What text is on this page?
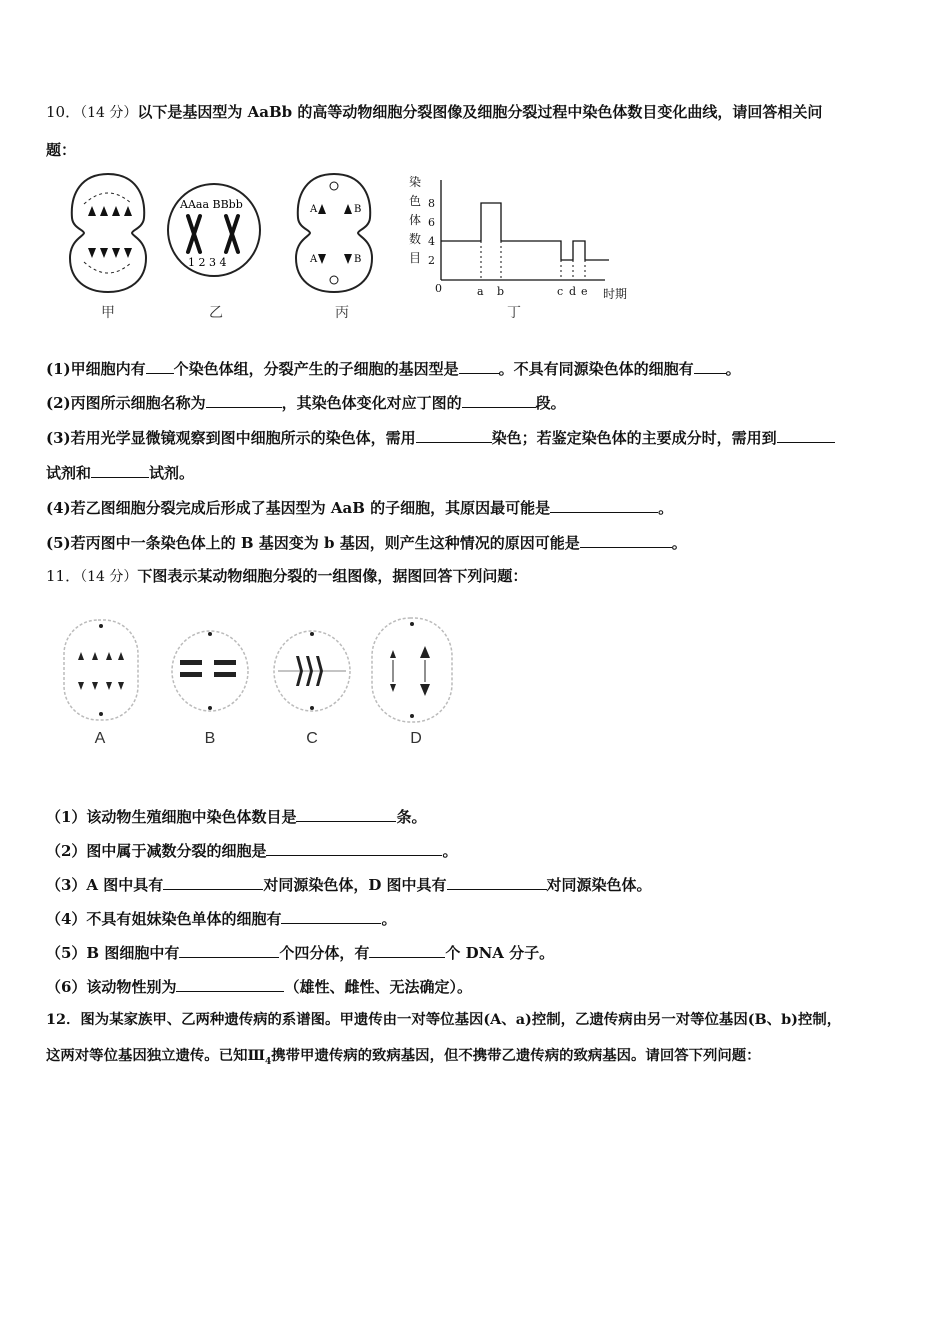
10．（14 分）以下是基因型为 AaBb 的高等动物细胞分裂图像及细胞分裂过程中染色体数目变化曲线，请回答相关问
题：
甲
AAaa BBbb
1 2 3 4
乙
A	B
A	B
丙
染
色
体
数
目
8
6
4
2
0	a b	c d e 时期
丁
(1)甲细胞内有 个染色体组，分裂产生的子细胞的基因型是	。不具有同源染色体的细胞有 。
(2)丙图所示细胞名称为	，其染色体变化对应丁图的	段。
(3)若用光学显微镜观察到图中细胞所示的染色体，需用	染色；若鉴定染色体的主要成分时，需用到
试剂和	试剂。
(4)若乙图细胞分裂完成后形成了基因型为 AaB 的子细胞，其原因最可能是	。
(5)若丙图中一条染色体上的 B 基因变为 b 基因，则产生这种情况的原因可能是	。
11．（14 分）下图表示某动物细胞分裂的一组图像，据图回答下列问题：
A	B	C	D
（1）该动物生殖细胞中染色体数目是	条。
（2）图中属于减数分裂的细胞是	。
（3）A 图中具有	对同源染色体，D 图中具有	对同源染色体。
（4）不具有姐妹染色单体的细胞有	。
（5）B 图细胞中有	个四分体，有	个 DNA 分子。
（6）该动物性别为	（雄性、雌性、无法确定）。
12．图为某家族甲、乙两种遗传病的系谱图。甲遗传由一对等位基因(A、a)控制，乙遗传病由另一对等位基因(B、b)控制，
这两对等位基因独立遗传。已知$Ⅲ_4$携带甲遗传病的致病基因，但不携带乙遗传病的致病基因。请回答下列问题：
